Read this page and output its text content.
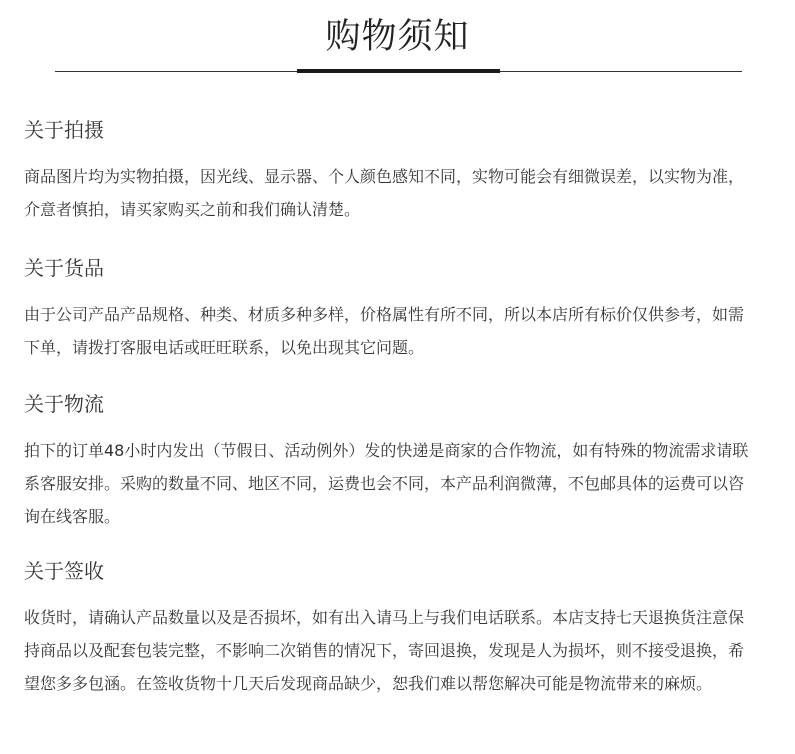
购物须知
关于拍摄

商品图片均为实物拍摄，因光线、显示器、个人颜色感知不同，实物可能会有细微误差，以实物为准，介意者慎拍，请买家购买之前和我们确认清楚。

关于货品

由于公司产品产品规格、种类、材质多种多样，价格属性有所不同，所以本店所有标价仅供参考，如需下单，请拨打客服电话或旺旺联系，以免出现其它问题。

关于物流

拍下的订单48小时内发出（节假日、活动例外）发的快递是商家的合作物流，如有特殊的物流需求请联系客服安排。采购的数量不同、地区不同，运费也会不同，本产品利润微薄，不包邮具体的运费可以咨询在线客服。

关于签收

收货时，请确认产品数量以及是否损坏，如有出入请马上与我们电话联系。本店支持七天退换货注意保持商品以及配套包装完整，不影响二次销售的情况下，寄回退换，发现是人为损坏，则不接受退换，希望您多多包涵。在签收货物十几天后发现商品缺少，恕我们难以帮您解决可能是物流带来的麻烦。
